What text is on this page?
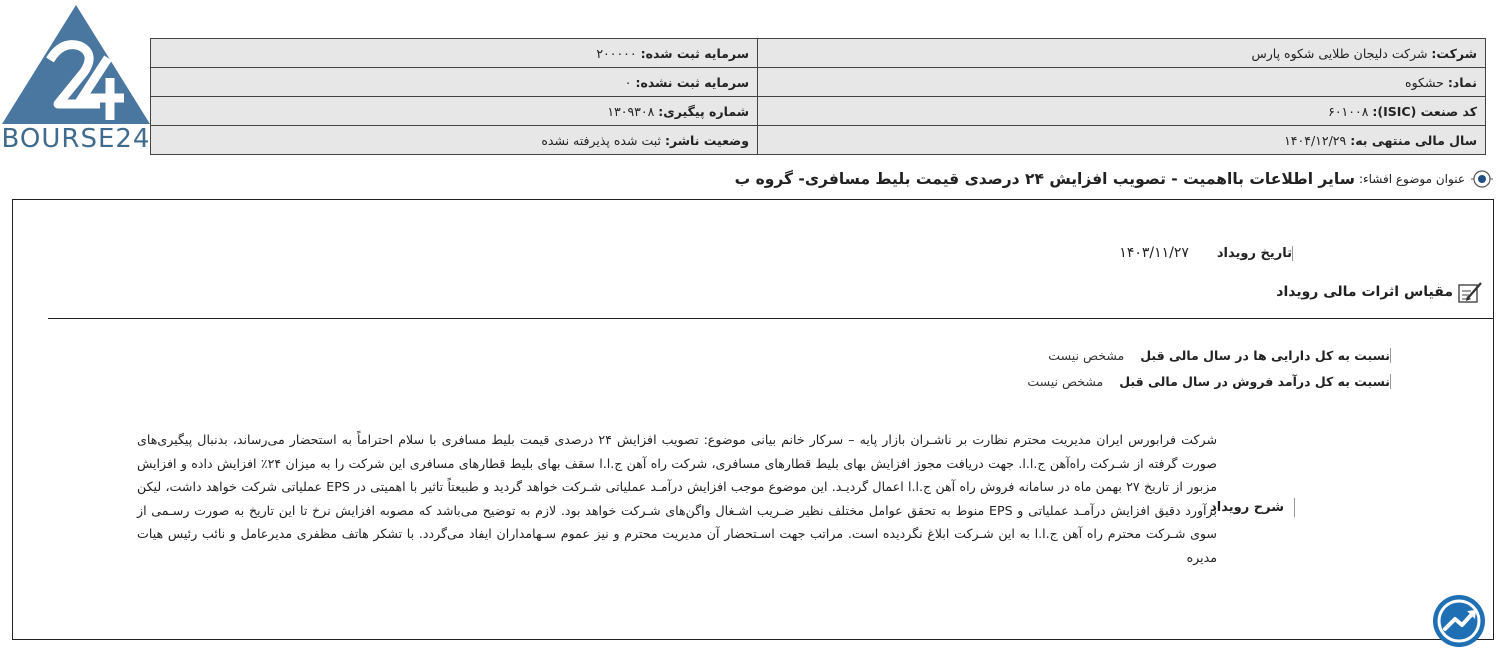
BOURSE24
سرمایه ثبت شده: ۲۰۰۰۰۰	شرکت: شرکت دلیجان طلایی شکوه پارس
سرمایه ثبت نشده: ۰	نماد: حشکوه
شماره پیگیری: ۱۳۰۹۳۰۸	کد صنعت (ISIC): ۶۰۱۰۰۸
وضعیت ناشر: ثبت شده پذیرفته نشده	سال مالی منتهی به: ۱۴۰۴/۱۲/۲۹
عنوان موضوع افشاء:
سایر اطلاعات بااهمیت - تصویب افزایش ۲۴ درصدی قیمت بلیط مسافری- گروه ب
تاریخ رویداد
۱۴۰۳/۱۱/۲۷
مقیاس اثرات مالی رویداد
نسبت به کل دارایی ها در سال مالی قبل
مشخص نیست
نسبت به کل درآمد فروش در سال مالی قبل
مشخص نیست
شرح رویداد
شرکت فرابورس ایران مدیریت محترم نظارت بر ناشـران بازار پایه – سرکار خانم بیانی موضوع: تصویب افزایش ۲۴ درصدی قیمت بلیط مسافری با سلام احتراماً به استحضار می‌رساند، بدنبال پیگیری‌های صورت گرفته از شـرکت راه‌آهن ج.ا.ا. جهت دریافت مجوز افزایش بهای بلیط قطارهای مسافری، شرکت راه آهن ج.ا.ا سقف بهای بلیط قطارهای مسافری این شرکت را به میزان ۲۴٪ افزایش داده و افزایش مزبور از تاریخ ۲۷ بهمن ماه در سامانه فروش راه آهن ج.ا.ا اعمال گردیـد. این موضوع موجب افزایش درآمـد عملیاتی شـرکت خواهد گردید و طبیعتاً تاثیر با اهمیتی در EPS عملیاتی شرکت خواهد داشت، لیکن برآورد دقیق افزایش درآمـد عملیاتی و EPS منوط به تحقق عوامل مختلف نظیر ضـریب اشـغال واگن‌های شـرکت خواهد بود. لازم به توضیح می‌باشد که مصوبه افزایش نرخ تا این تاریخ به صورت رسـمی از سوی شـرکت محترم راه آهن ج.ا.ا به این شـرکت ابلاغ نگردیده است. مراتب جهت اسـتحضار آن مدیریت محترم و نیز عموم سـهامداران ایفاد می‌گردد. با تشکر هاتف مظفری مدیرعامل و نائب رئیس هیات مدیره
